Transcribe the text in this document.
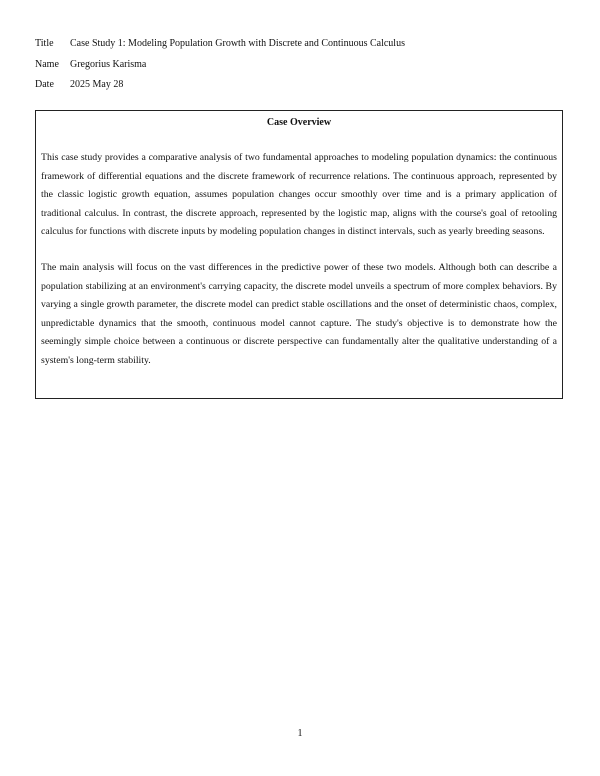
Title	Case Study 1: Modeling Population Growth with Discrete and Continuous Calculus
Name	Gregorius Karisma
Date	2025 May 28
Case Overview

This case study provides a comparative analysis of two fundamental approaches to modeling population dynamics: the continuous framework of differential equations and the discrete framework of recurrence relations. The continuous approach, represented by the classic logistic growth equation, assumes population changes occur smoothly over time and is a primary application of traditional calculus. In contrast, the discrete approach, represented by the logistic map, aligns with the course's goal of retooling calculus for functions with discrete inputs by modeling population changes in distinct intervals, such as yearly breeding seasons.

The main analysis will focus on the vast differences in the predictive power of these two models. Although both can describe a population stabilizing at an environment's carrying capacity, the discrete model unveils a spectrum of more complex behaviors. By varying a single growth parameter, the discrete model can predict stable oscillations and the onset of deterministic chaos, complex, unpredictable dynamics that the smooth, continuous model cannot capture. The study's objective is to demonstrate how the seemingly simple choice between a continuous or discrete perspective can fundamentally alter the qualitative understanding of a system's long-term stability.

1
